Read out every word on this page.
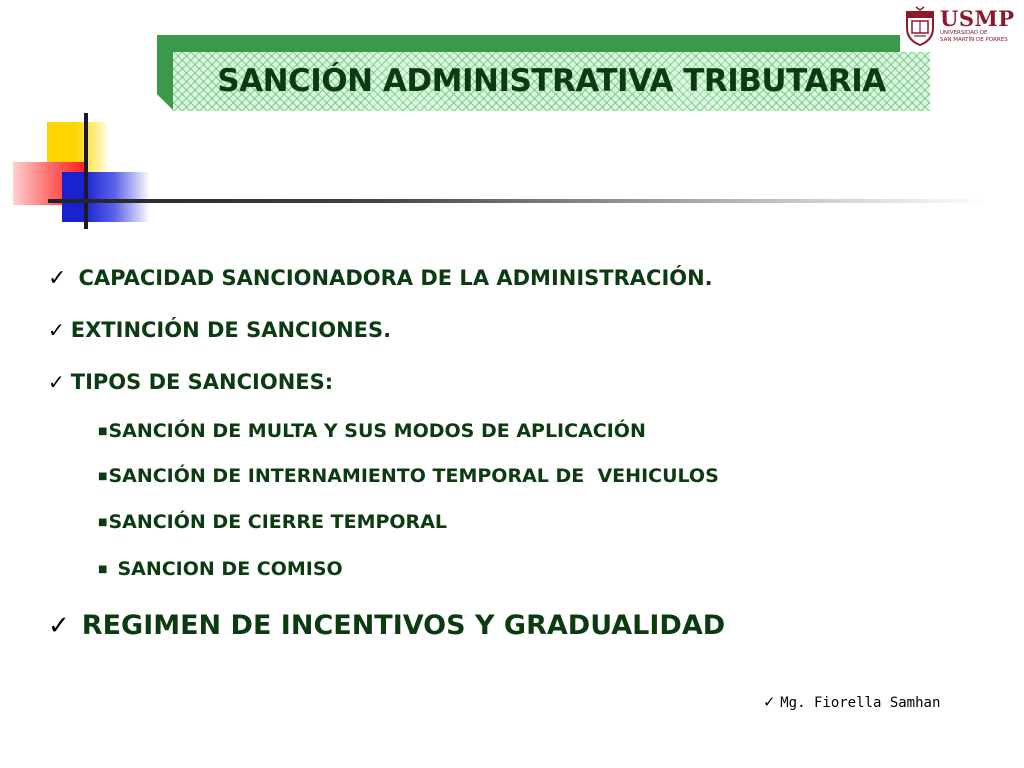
USMP
UNIVERSIDAD DE
SAN MARTÍN DE PORRES
SANCIÓN ADMINISTRATIVA TRIBUTARIA
✓ CAPACIDAD SANCIONADORA DE LA ADMINISTRACIÓN.
✓ EXTINCIÓN DE SANCIONES.
✓ TIPOS DE SANCIONES:
■SANCIÓN DE MULTA Y SUS MODOS DE APLICACIÓN
■SANCIÓN DE INTERNAMIENTO TEMPORAL DE  VEHICULOS
■SANCIÓN DE CIERRE TEMPORAL
■ SANCION DE COMISO
✓ REGIMEN DE INCENTIVOS Y GRADUALIDAD
✓ Mg. Fiorella Samhan
